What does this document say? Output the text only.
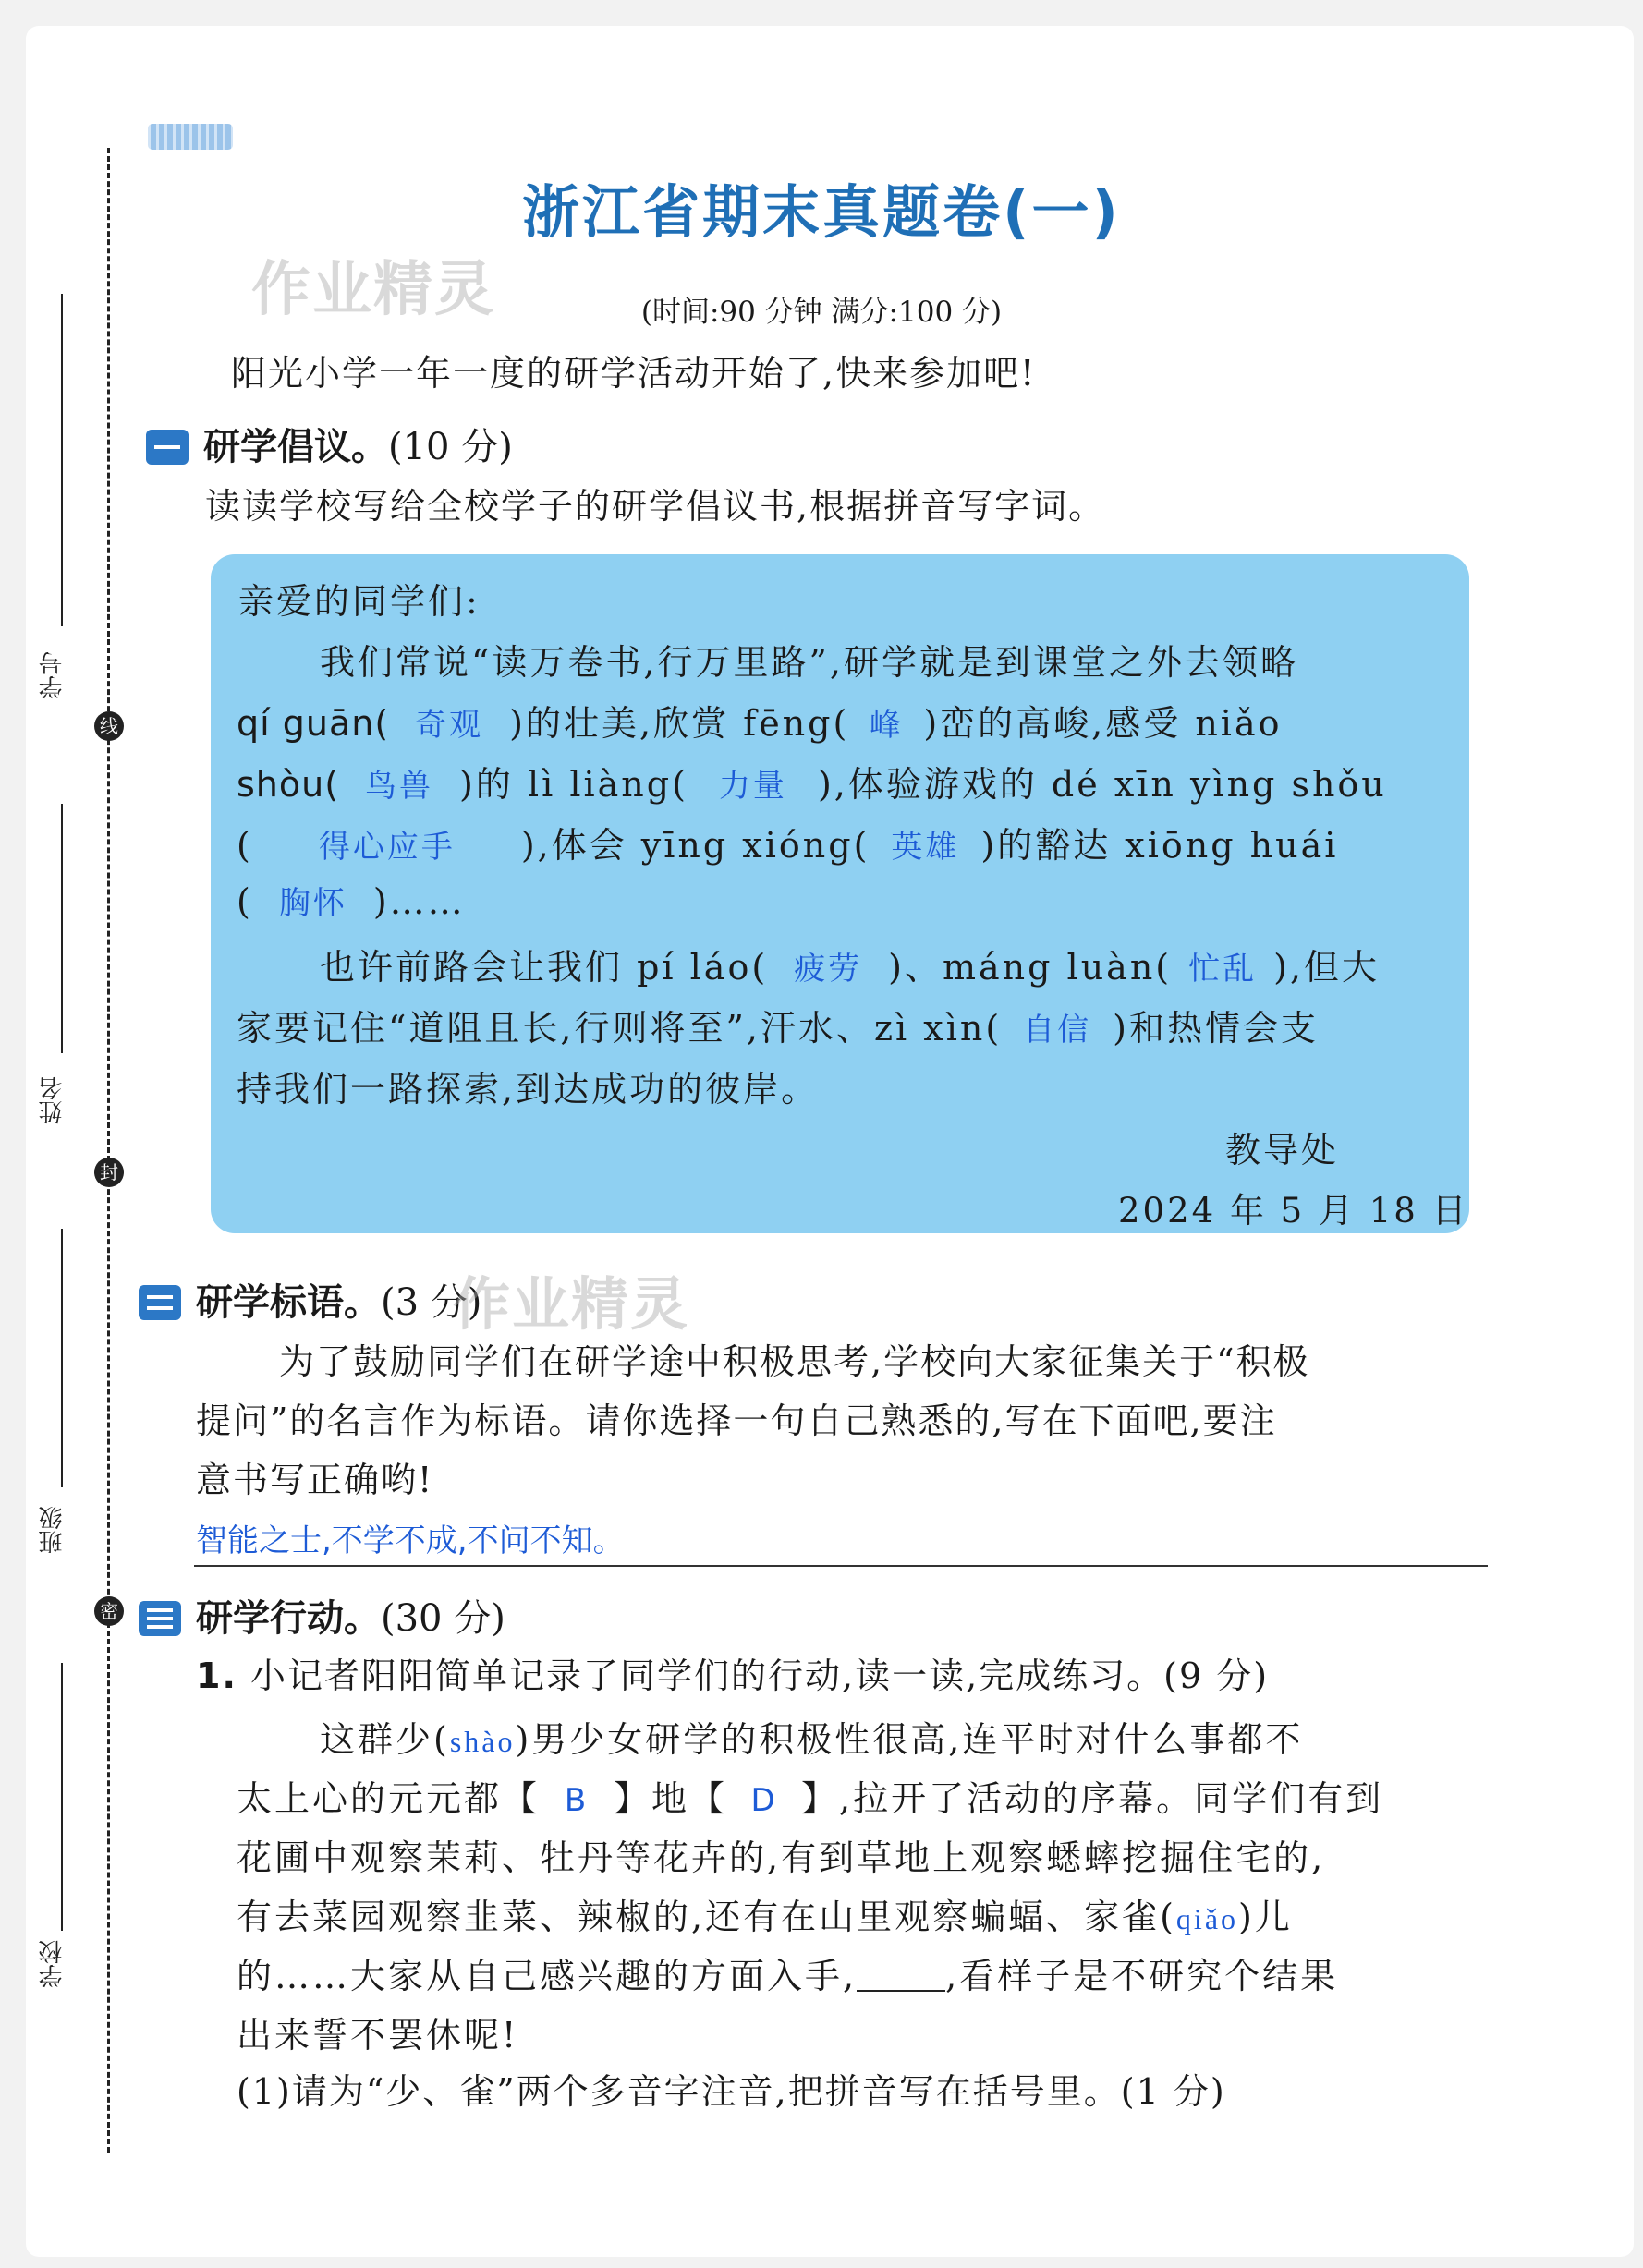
学号
线
姓名
封
班级
密
学校
浙江省期末真题卷(一)
作业精灵	(时间:90 分钟 满分:100 分)
阳光小学一年一度的研学活动开始了,快来参加吧!
研学倡议。(10 分)
读读学校写给全校学子的研学倡议书,根据拼音写字词。
亲爱的同学们:
我们常说“读万卷书,行万里路”,研学就是到课堂之外去领略
qí guān( 奇观 )的壮美,欣赏 fēng( 峰 )峦的高峻,感受 niǎo
shòu( 鸟兽 )的 lì liàng( 力量 ),体验游戏的 dé xīn yìng shǒu
( 得心应手 ),体会 yīng xióng( 英雄 )的豁达 xiōng huái
( 胸怀 )……
也许前路会让我们 pí láo( 疲劳 )、máng luàn( 忙乱 ),但大
家要记住“道阻且长,行则将至”,汗水、zì xìn( 自信 )和热情会支
持我们一路探索,到达成功的彼岸。
教导处
2024 年 5 月 18 日
研学标语。(3 分)
作业精灵
为了鼓励同学们在研学途中积极思考,学校向大家征集关于“积极
提问”的名言作为标语。请你选择一句自己熟悉的,写在下面吧,要注
意书写正确哟!
智能之士,不学不成,不问不知。
研学行动。(30 分)
1. 小记者阳阳简单记录了同学们的行动,读一读,完成练习。(9 分)
这群少(shào)男少女研学的积极性很高,连平时对什么事都不
太上心的元元都【 B 】地【 D 】,拉开了活动的序幕。同学们有到
花圃中观察茉莉、牡丹等花卉的,有到草地上观察蟋蟀挖掘住宅的,
有去菜园观察韭菜、辣椒的,还有在山里观察蝙蝠、家雀(qiǎo)儿
的……大家从自己感兴趣的方面入手,	,看样子是不研究个结果
出来誓不罢休呢!
(1)请为“少、雀”两个多音字注音,把拼音写在括号里。(1 分)
